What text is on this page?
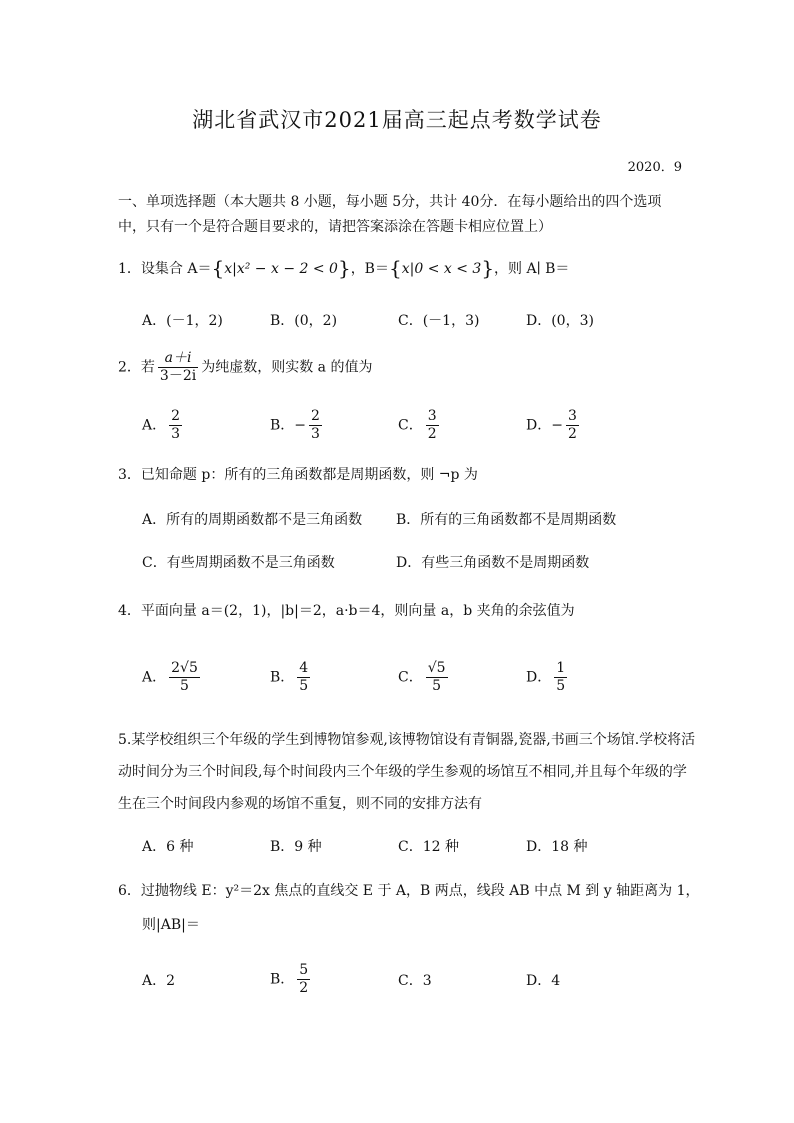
湖北省武汉市2021届高三起点考数学试卷
2020．9
一、单项选择题（本大题共 8 小题，每小题 5分，共计 40分．在每小题给出的四个选项中，只有一个是符合题目要求的，请把答案添涂在答题卡相应位置上）
1．设集合 A＝{x|x² − x − 2 < 0}，B＝{x|0 < x < 3}，则 A∣ B＝
A．(－1，2)	B．(0，2)	C．(－1，3)	D．(0，3)
2．若 $\frac{a+i}{3-2i}$ 为纯虚数，则实数 a 的值为
A． $\frac{2}{3}$	B．− $\frac{2}{3}$	C． $\frac{3}{2}$	D．− $\frac{3}{2}$
3．已知命题 p：所有的三角函数都是周期函数，则 ¬p 为
A．所有的周期函数都不是三角函数 B．所有的三角函数都不是周期函数
C．有些周期函数不是三角函数	D．有些三角函数不是周期函数
4．平面向量 a＝(2，1)，|b|＝2，a·b＝4，则向量 a，b 夹角的余弦值为
A． $\frac{2√5}{5}$	B． $\frac{4}{5}$	C． $\frac{√5}{5}$	D． $\frac{1}{5}$
5.某学校组织三个年级的学生到博物馆参观,该博物馆设有青铜器,瓷器,书画三个场馆.学校将活动时间分为三个时间段,每个时间段内三个年级的学生参观的场馆互不相同,并且每个年级的学生在三个时间段内参观的场馆不重复，则不同的安排方法有
A．6 种	B．9 种	C．12 种	D．18 种
6．过抛物线 E：y²＝2x 焦点的直线交 E 于 A，B 两点，线段 AB 中点 M 到 y 轴距离为 1，
则|AB|＝
A．2	B． $\frac{5}{2}$	C．3	D．4
